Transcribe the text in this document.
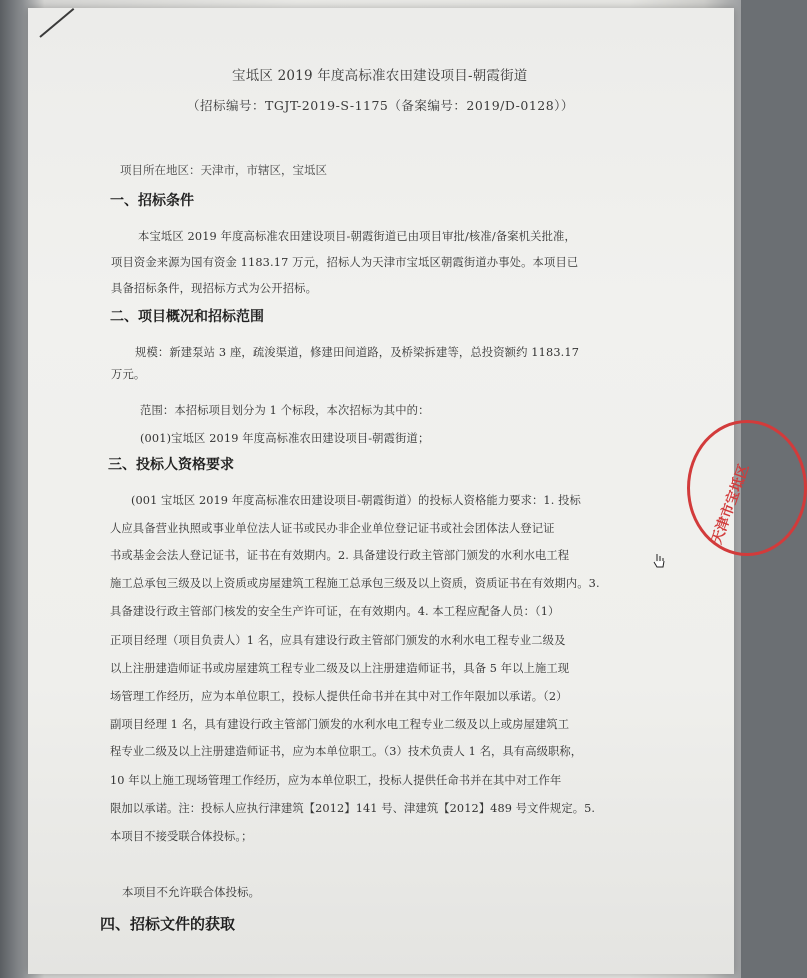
宝坻区 2019 年度高标准农田建设项目-朝霞街道
（招标编号：TGJT-2019-S-1175（备案编号：2019/D-0128））
项目所在地区：天津市，市辖区，宝坻区
一、招标条件
本宝坻区 2019 年度高标准农田建设项目-朝霞街道已由项目审批/核准/备案机关批准，
项目资金来源为国有资金 1183.17 万元，招标人为天津市宝坻区朝霞街道办事处。本项目已
具备招标条件，现招标方式为公开招标。
二、项目概况和招标范围
规模：新建泵站 3 座，疏浚渠道，修建田间道路，及桥梁拆建等，总投资额约 1183.17
万元。
范围：本招标项目划分为 1 个标段，本次招标为其中的：
(001)宝坻区 2019 年度高标准农田建设项目-朝霞街道；
三、投标人资格要求
(001 宝坻区 2019 年度高标准农田建设项目-朝霞街道）的投标人资格能力要求：1. 投标
人应具备营业执照或事业单位法人证书或民办非企业单位登记证书或社会团体法人登记证
书或基金会法人登记证书，证书在有效期内。2. 具备建设行政主管部门颁发的水利水电工程
施工总承包三级及以上资质或房屋建筑工程施工总承包三级及以上资质，资质证书在有效期内。3.
具备建设行政主管部门核发的安全生产许可证，在有效期内。4. 本工程应配备人员：（1）
正项目经理（项目负责人）1 名，应具有建设行政主管部门颁发的水利水电工程专业二级及
以上注册建造师证书或房屋建筑工程专业二级及以上注册建造师证书，具备 5 年以上施工现
场管理工作经历，应为本单位职工，投标人提供任命书并在其中对工作年限加以承诺。（2）
副项目经理 1 名，具有建设行政主管部门颁发的水利水电工程专业二级及以上或房屋建筑工
程专业二级及以上注册建造师证书，应为本单位职工。（3）技术负责人 1 名，具有高级职称，
10 年以上施工现场管理工作经历，应为本单位职工，投标人提供任命书并在其中对工作年
限加以承诺。注：投标人应执行津建筑【2012】141 号、津建筑【2012】489 号文件规定。5.
本项目不接受联合体投标。；
本项目不允许联合体投标。
四、招标文件的获取
天津市宝坻区
